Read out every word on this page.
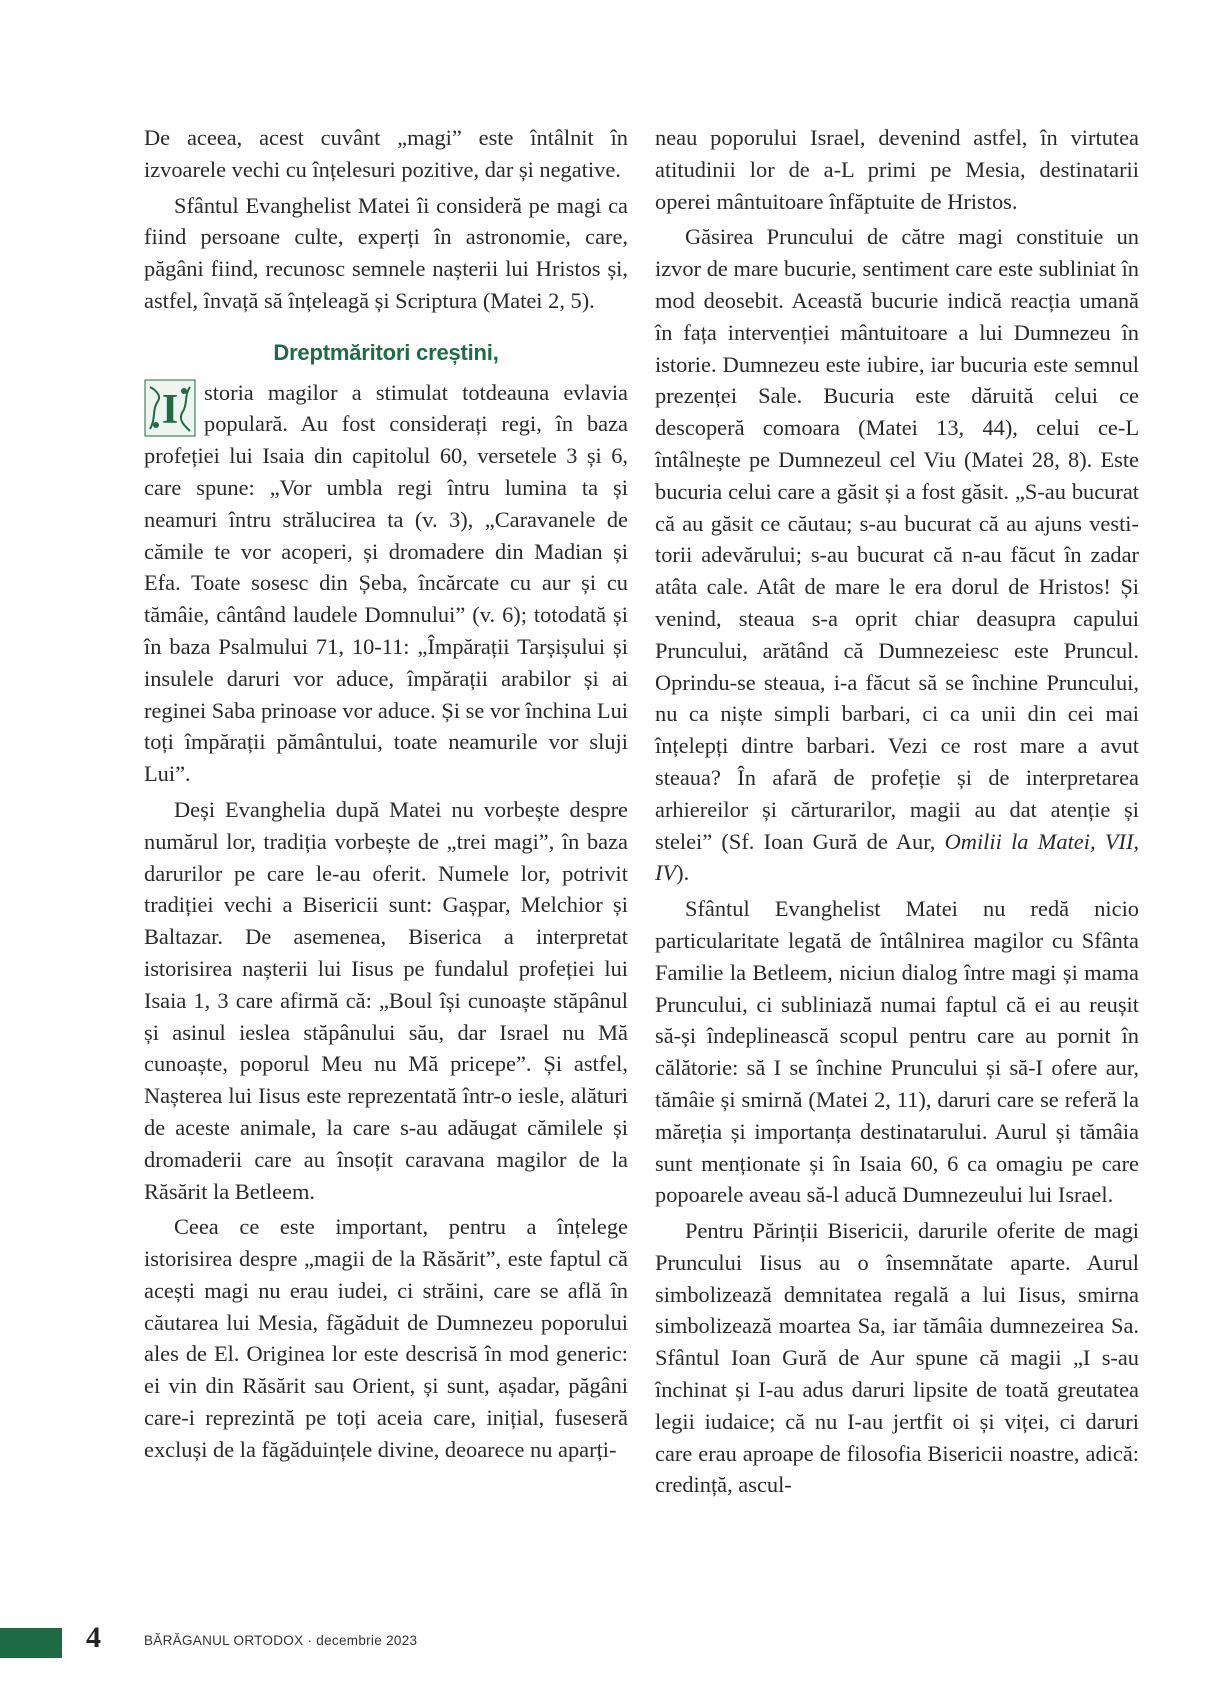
De aceea, acest cuvânt „magi” este întâlnit în izvoarele vechi cu înțelesuri pozitive, dar și negative.

Sfântul Evanghelist Matei îi consideră pe magi ca fiind persoane culte, experți în astronomie, care, păgâni fiind, recunosc semnele nașterii lui Hristos și, astfel, învață să înțeleagă și Scriptura (Matei 2, 5).

Dreptmăritori creștini,

I storia magilor a stimulat totdeauna evlavia populară. Au fost considerați regi, în baza profeției lui Isaia din capitolul 60, versetele 3 și 6, care spune: „Vor umbla regi întru lumina ta și neamuri întru strălucirea ta (v. 3), „Caravanele de cămile te vor acoperi, și dromadere din Madian și Efa. Toate sosesc din Șeba, încărcate cu aur și cu tămâie, cântând laudele Domnului” (v. 6); totodată și în baza Psalmului 71, 10-11: „Împărații Tarșișului și insulele daruri vor aduce, împărații arabilor și ai reginei Saba prinoase vor aduce. Și se vor închina Lui toți împărații pământului, toate neamurile vor sluji Lui”.

Deși Evanghelia după Matei nu vorbește despre numărul lor, tradiția vorbește de „trei magi”, în baza darurilor pe care le-au oferit. Numele lor, potrivit tradiției vechi a Bisericii sunt: Gașpar, Melchior și Baltazar. De asemenea, Biserica a interpretat istorisirea nașterii lui Iisus pe fundalul profeției lui Isaia 1, 3 care afirmă că: „Boul își cunoaște stăpânul și asinul ieslea stăpânului său, dar Israel nu Mă cunoaște, poporul Meu nu Mă pricepe”. Și astfel, Nașterea lui Iisus este reprezentată într-o iesle, alături de aceste animale, la care s-au adăugat cămilele și dromaderii care au însoțit caravana magilor de la Răsărit la Betleem.

Ceea ce este important, pentru a înțelege istorisirea despre „magii de la Răsărit”, este faptul că acești magi nu erau iudei, ci străini, care se află în căutarea lui Mesia, făgăduit de Dumnezeu poporului ales de El. Originea lor este descrisă în mod generic: ei vin din Răsărit sau Orient, și sunt, așadar, păgâni care-i reprezintă pe toți aceia care, inițial, fuseseră excluși de la făgăduințele divine, deoarece nu aparți-

neau poporului Israel, devenind astfel, în virtutea atitudinii lor de a-L primi pe Mesia, destinatarii operei mântuitoare înfăptuite de Hristos.

Găsirea Pruncului de către magi constituie un izvor de mare bucurie, sentiment care este subliniat în mod deosebit. Această bucurie indică reacția umană în fața intervenției mântuitoare a lui Dumnezeu în istorie. Dumnezeu este iubire, iar bucuria este semnul prezenței Sale. Bucuria este dăruită celui ce descoperă comoara (Matei 13, 44), celui ce-L întâlnește pe Dumnezeul cel Viu (Matei 28, 8). Este bucuria celui care a găsit și a fost găsit. „S-au bucurat că au găsit ce căutau; s-au bucurat că au ajuns vestitorii adevărului; s-au bucurat că n-au făcut în zadar atâta cale. Atât de mare le era dorul de Hristos! Și venind, steaua s-a oprit chiar deasupra capului Pruncului, arătând că Dumnezeiesc este Pruncul. Oprindu-se steaua, i-a făcut să se închine Pruncului, nu ca niște simpli barbari, ci ca unii din cei mai înțelepți dintre barbari. Vezi ce rost mare a avut steaua? În afară de profeție și de interpretarea arhiereilor și cărturarilor, magii au dat atenție și stelei” (Sf. Ioan Gură de Aur, Omilii la Matei, VII, IV).

Sfântul Evanghelist Matei nu redă nicio particularitate legată de întâlnirea magilor cu Sfânta Familie la Betleem, niciun dialog între magi și mama Pruncului, ci subliniază numai faptul că ei au reușit să-și îndeplinească scopul pentru care au pornit în călătorie: să I se închine Pruncului și să-I ofere aur, tămâie și smirnă (Matei 2, 11), daruri care se referă la măreția și importanța destinatarului. Aurul și tămâia sunt menționate și în Isaia 60, 6 ca omagiu pe care popoarele aveau să-l aducă Dumnezeului lui Israel.

Pentru Părinții Bisericii, darurile oferite de magi Pruncului Iisus au o însemnătate aparte. Aurul simbolizează demnitatea regală a lui Iisus, smirna simbolizează moartea Sa, iar tămâia dumnezeirea Sa. Sfântul Ioan Gură de Aur spune că magii „I s-au închinat și I-au adus daruri lipsite de toată greutatea legii iudaice; că nu I-au jertfit oi și viței, ci daruri care erau aproape de filosofia Bisericii noastre, adică: credință, ascul-

4	BĂRĂGANUL ORTODOX · decembrie 2023
